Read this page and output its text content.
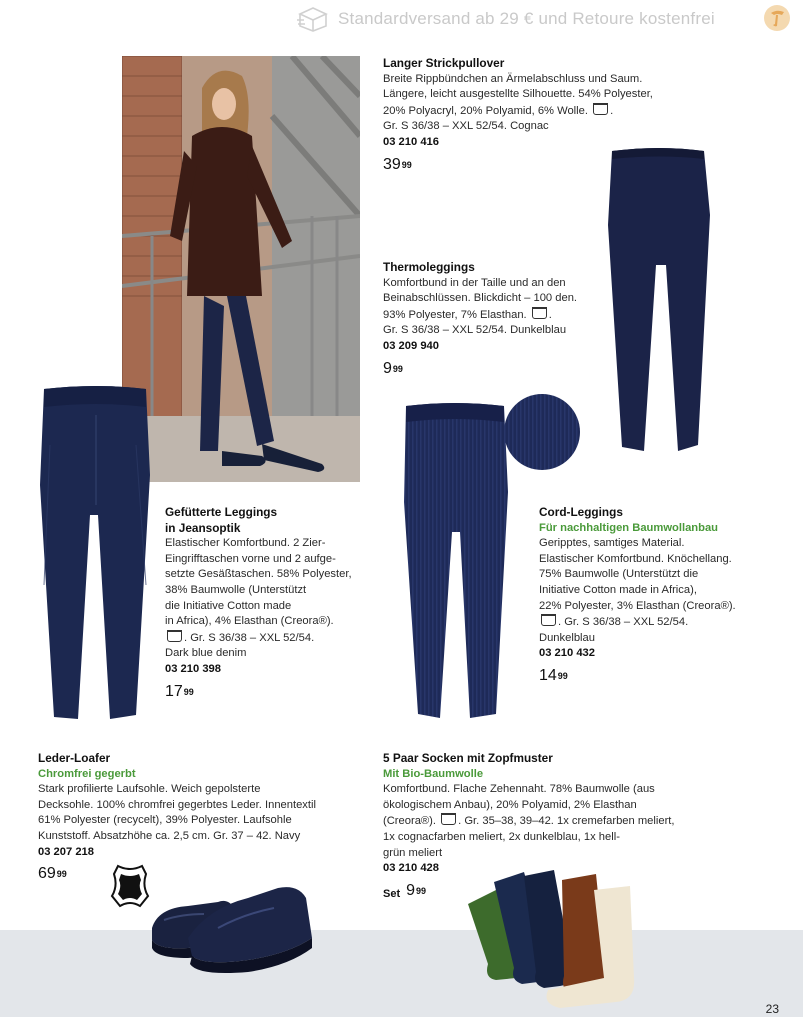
Standardversand ab 29 € und Retoure kostenfrei
Langer Strickpullover
Breite Rippbündchen an Ärmelabschluss und Saum.
Längere, leicht ausgestellte Silhouette. 54% Polyester,
20% Polyacryl, 20% Polyamid, 6% Wolle. .
Gr. S 36/38 – XXL 52/54. Cognac
03 210 416
39 99
Thermoleggings
Komfortbund in der Taille und an den
Beinabschlüssen. Blickdicht – 100 den.
93% Polyester, 7% Elasthan. .
Gr. S 36/38 – XXL 52/54. Dunkelblau
03 209 940
9 99
Gefütterte Leggings
in Jeansoptik
Elastischer Komfortbund. 2 Zier-
Eingrifftaschen vorne und 2 aufge-
setzte Gesäßtaschen. 58% Polyester,
38% Baumwolle (Unterstützt
die Initiative Cotton made
in Africa), 4% Elasthan (Creora®).
. Gr. S 36/38 – XXL 52/54.
Dark blue denim
03 210 398
17 99
Cord-Leggings
Für nachhaltigen Baumwollanbau
Geripptes, samtiges Material.
Elastischer Komfortbund. Knöchellang.
75% Baumwolle (Unterstützt die
Initiative Cotton made in Africa),
22% Polyester, 3% Elasthan (Creora®).
. Gr. S 36/38 – XXL 52/54.
Dunkelblau
03 210 432
14 99
Leder-Loafer
Chromfrei gegerbt
Stark profilierte Laufsohle. Weich gepolsterte
Decksohle. 100% chromfrei gegerbtes Leder. Innentextil
61% Polyester (recycelt), 39% Polyester. Laufsohle
Kunststoff. Absatzhöhe ca. 2,5 cm. Gr. 37 – 42. Navy
03 207 218
69 99
5 Paar Socken mit Zopfmuster
Mit Bio-Baumwolle
Komfortbund. Flache Zehennaht. 78% Baumwolle (aus
ökologischem Anbau), 20% Polyamid, 2% Elasthan
(Creora®). . Gr. 35–38, 39–42. 1x cremefarben meliert,
1x cognacfarben meliert, 2x dunkelblau, 1x hell-
grün meliert
03 210 428
Set 9 99
23
